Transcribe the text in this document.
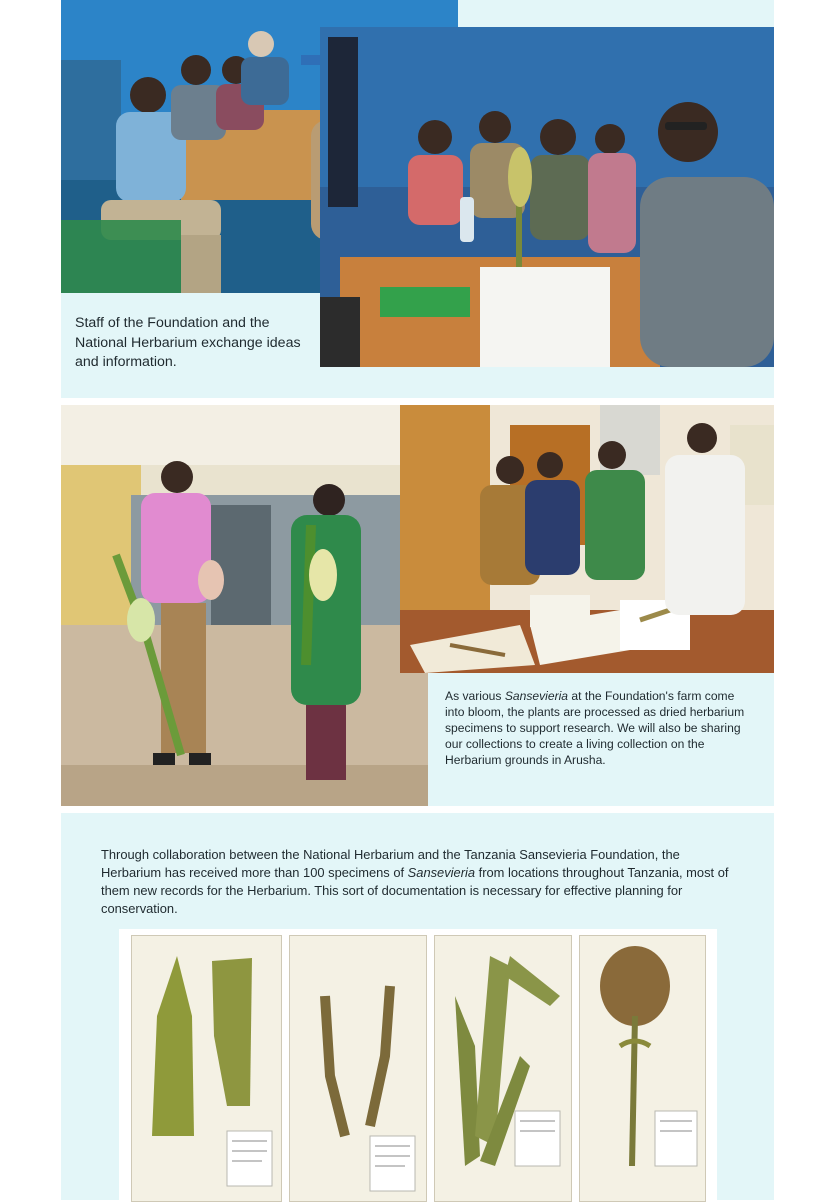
Staff of the Foundation and the National Herbarium exchange ideas and information.
As various Sansevieria at the Foundation's farm come into bloom, the plants are processed as dried herbarium specimens to support research. We will also be sharing our collections to create a living collection on the Herbarium grounds in Arusha.
Through collaboration between the National Herbarium and the Tanzania Sansevieria Foundation, the Herbarium has received more than 100 specimens of Sansevieria from locations throughout Tanzania, most of them new records for the Herbarium. This sort of documentation is necessary for effective planning for conservation.
